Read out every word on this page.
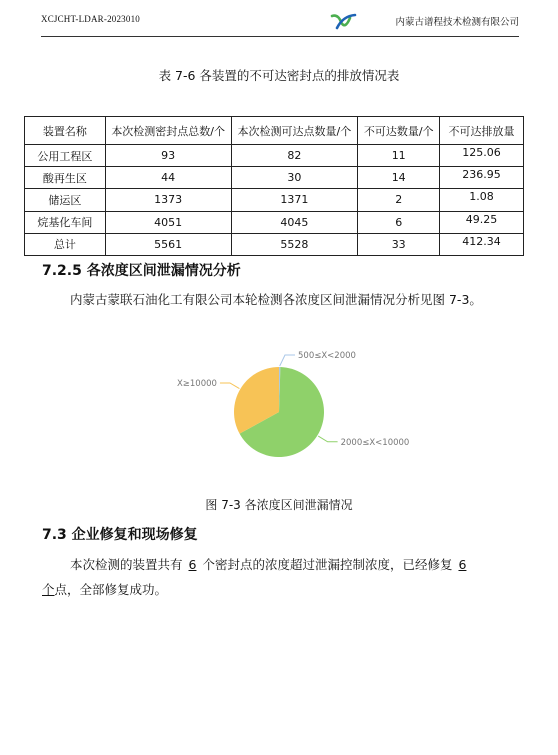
XCJCHT-LDAR-2023010	内蒙古谱程技术检测有限公司
表 7-6 各装置的不可达密封点的排放情况表
装置名称	本次检测密封点总数/个	本次检测可达点数量/个	不可达数量/个	不可达排放量
公用工程区	93	82	11	125.06
酸再生区	44	30	14	236.95
储运区	1373	1371	2	1.08
烷基化车间	4051	4045	6	49.25
总计	5561	5528	33	412.34
7.2.5 各浓度区间泄漏情况分析
内蒙古蒙联石油化工有限公司本轮检测各浓度区间泄漏情况分析见图 7-3。
500≤X<2000
2000≤X<10000
X≥10000
图 7-3 各浓度区间泄漏情况
7.3 企业修复和现场修复
本次检测的装置共有 6 个密封点的浓度超过泄漏控制浓度，已经修复 6
个点，全部修复成功。
